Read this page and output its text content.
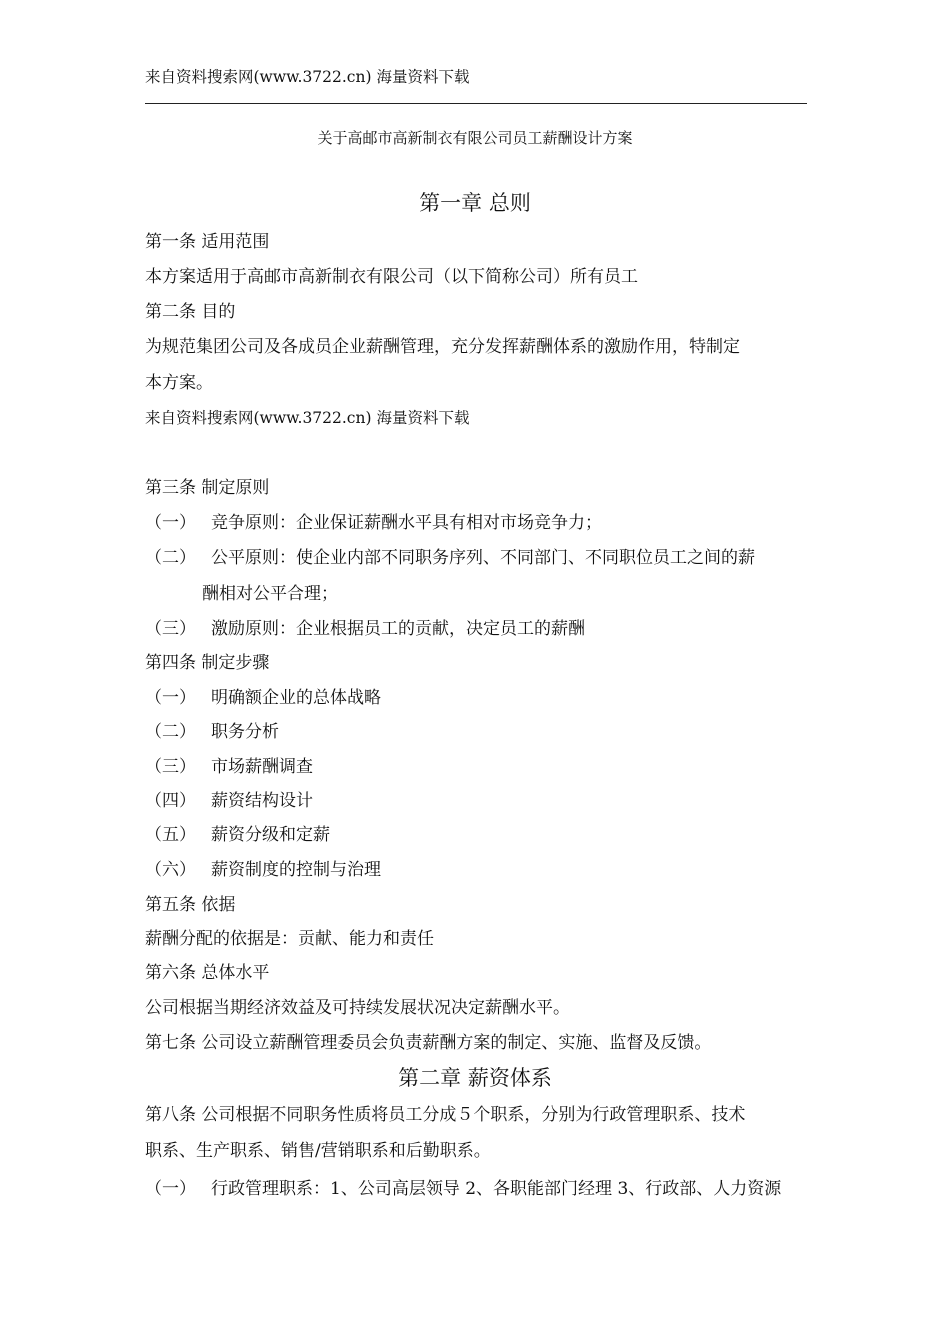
来自资料搜索网(www.3722.cn) 海量资料下载
关于高邮市高新制衣有限公司员工薪酬设计方案
第一章 总则
第一条 适用范围
本方案适用于高邮市高新制衣有限公司（以下简称公司）所有员工
第二条 目的
为规范集团公司及各成员企业薪酬管理，充分发挥薪酬体系的激励作用，特制定
本方案。
来自资料搜索网(www.3722.cn) 海量资料下载
第三条 制定原则
（一） 竞争原则：企业保证薪酬水平具有相对市场竞争力；
（二） 公平原则：使企业内部不同职务序列、不同部门、不同职位员工之间的薪
酬相对公平合理；
（三） 激励原则：企业根据员工的贡献，决定员工的薪酬
第四条 制定步骤
（一） 明确额企业的总体战略
（二） 职务分析
（三） 市场薪酬调查
（四） 薪资结构设计
（五） 薪资分级和定薪
（六） 薪资制度的控制与治理
第五条 依据
薪酬分配的依据是：贡献、能力和责任
第六条 总体水平
公司根据当期经济效益及可持续发展状况决定薪酬水平。
第七条 公司设立薪酬管理委员会负责薪酬方案的制定、实施、监督及反馈。
第二章 薪资体系
第八条 公司根据不同职务性质将员工分成５个职系，分别为行政管理职系、技术
职系、生产职系、销售/营销职系和后勤职系。
（一） 行政管理职系：1、公司高层领导 2、各职能部门经理 3、行政部、人力资源
